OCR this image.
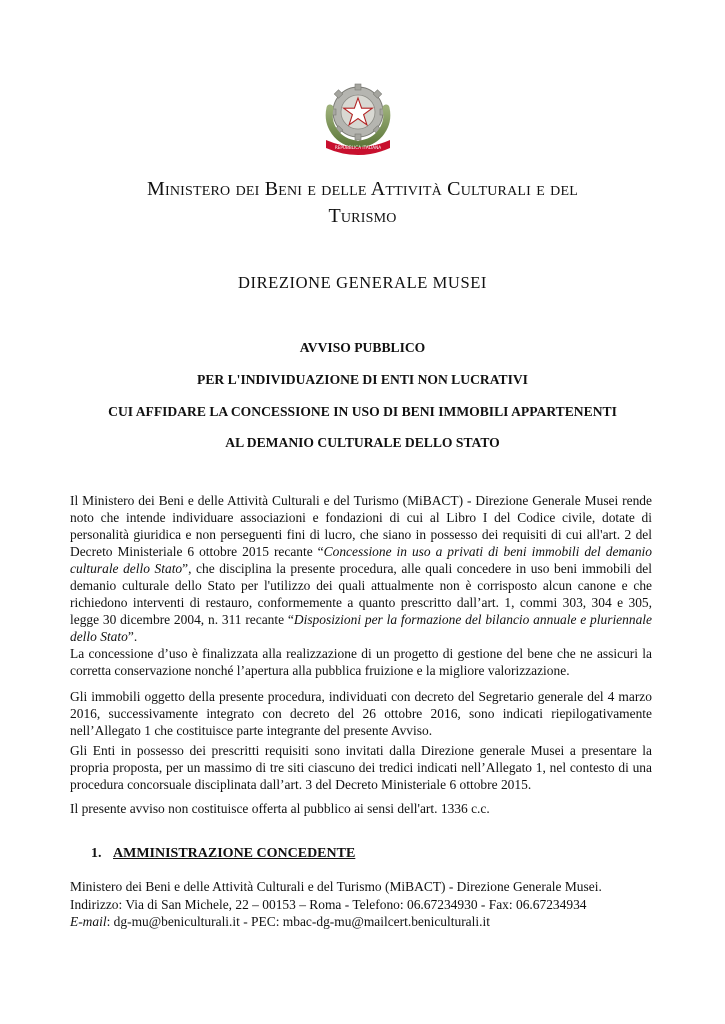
REPUBBLICA ITALIANA
Ministero dei Beni e delle Attività Culturali e del
Turismo
DIREZIONE GENERALE MUSEI
AVVISO PUBBLICO
PER L'INDIVIDUAZIONE DI ENTI NON LUCRATIVI
CUI AFFIDARE LA CONCESSIONE IN USO DI BENI IMMOBILI APPARTENENTI
AL DEMANIO CULTURALE DELLO STATO

Il Ministero dei Beni e delle Attività Culturali e del Turismo (MiBACT) - Direzione Generale Musei rende noto che intende individuare associazioni e fondazioni di cui al Libro I del Codice civile, dotate di personalità giuridica e non perseguenti fini di lucro, che siano in possesso dei requisiti di cui all'art. 2 del Decreto Ministeriale 6 ottobre 2015 recante “Concessione in uso a privati di beni immobili del demanio culturale dello Stato”, che disciplina la presente procedura, alle quali concedere in uso beni immobili del demanio culturale dello Stato per l'utilizzo dei quali attualmente non è corrisposto alcun canone e che richiedono interventi di restauro, conformemente a quanto prescritto dall’art. 1, commi 303, 304 e 305, legge 30 dicembre 2004, n. 311 recante “Disposizioni per la formazione del bilancio annuale e pluriennale dello Stato”.

La concessione d’uso è finalizzata alla realizzazione di un progetto di gestione del bene che ne assicuri la corretta conservazione nonché l’apertura alla pubblica fruizione e la migliore valorizzazione.

Gli immobili oggetto della presente procedura, individuati con decreto del Segretario generale del 4 marzo 2016, successivamente integrato con decreto del 26 ottobre 2016, sono indicati riepilogativamente nell’Allegato 1 che costituisce parte integrante del presente Avviso.

Gli Enti in possesso dei prescritti requisiti sono invitati dalla Direzione generale Musei a presentare la propria proposta, per un massimo di tre siti ciascuno dei tredici indicati nell’Allegato 1, nel contesto di una procedura concorsuale disciplinata dall’art. 3 del Decreto Ministeriale 6 ottobre 2015.

Il presente avviso non costituisce offerta al pubblico ai sensi dell'art. 1336 c.c.

1. AMMINISTRAZIONE CONCEDENTE
Ministero dei Beni e delle Attività Culturali e del Turismo (MiBACT) - Direzione Generale Musei.
Indirizzo: Via di San Michele, 22 – 00153 – Roma - Telefono: 06.67234930 - Fax: 06.67234934
E-mail: dg-mu@beniculturali.it - PEC: mbac-dg-mu@mailcert.beniculturali.it
